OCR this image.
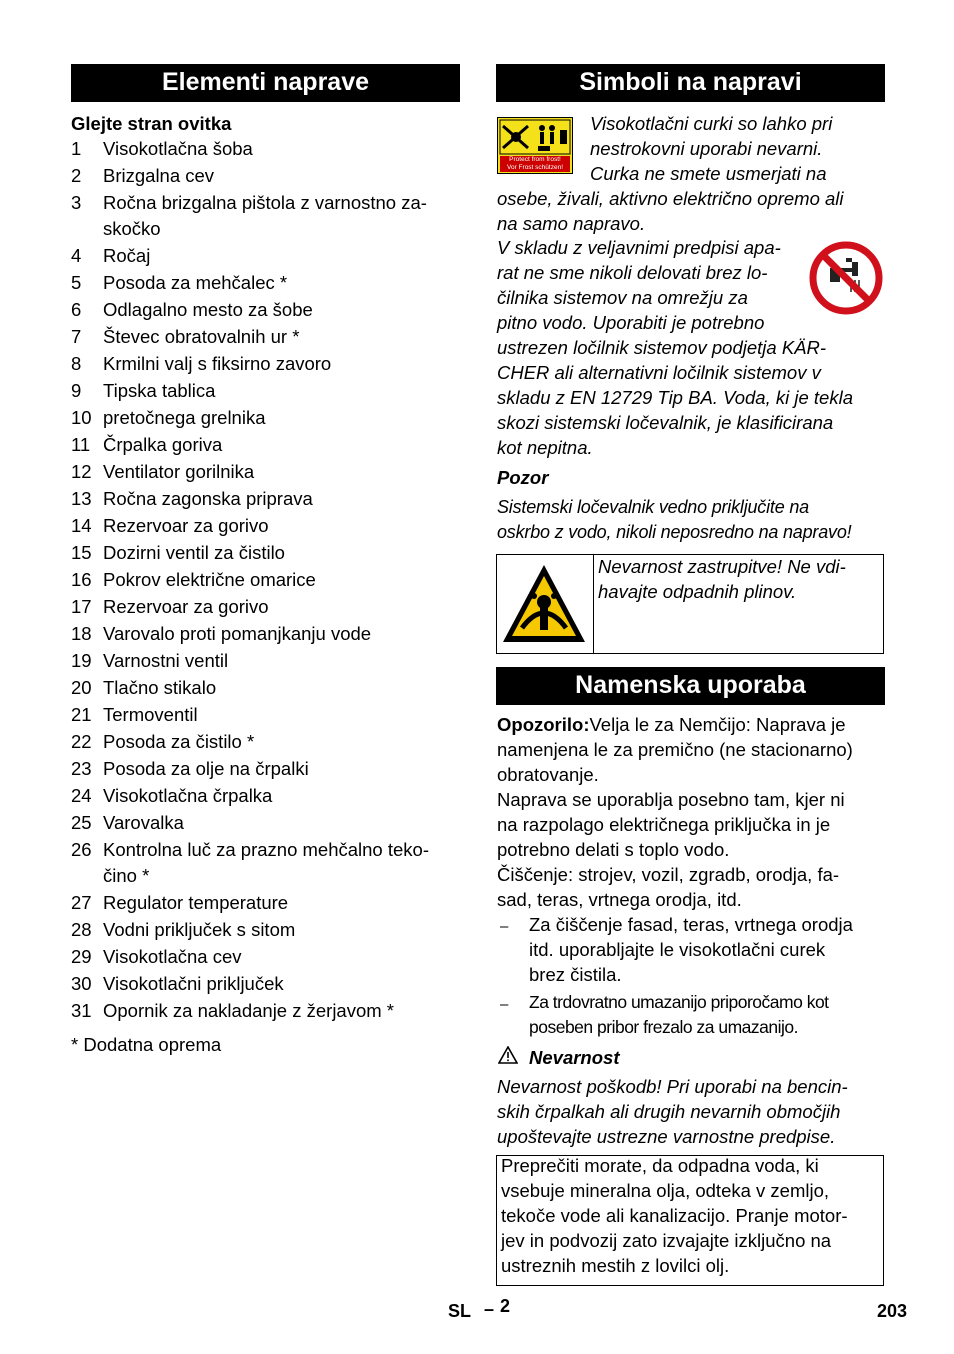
Elementi naprave
Glejte stran ovitka
1 Visokotlačna šoba
2 Brizgalna cev
3 Ročna brizgalna pištola z varnostno za-
skočko
4 Ročaj
5 Posoda za mehčalec *
6 Odlagalno mesto za šobe
7 Števec obratovalnih ur *
8 Krmilni valj s fiksirno zavoro
9 Tipska tablica
10 pretočnega grelnika
11 Črpalka goriva
12 Ventilator gorilnika
13 Ročna zagonska priprava
14 Rezervoar za gorivo
15 Dozirni ventil za čistilo
16 Pokrov električne omarice
17 Rezervoar za gorivo
18 Varovalo proti pomanjkanju vode
19 Varnostni ventil
20 Tlačno stikalo
21 Termoventil
22 Posoda za čistilo *
23 Posoda za olje na črpalki
24 Visokotlačna črpalka
25 Varovalka
26 Kontrolna luč za prazno mehčalno teko-
čino *
27 Regulator temperature
28 Vodni priključek s sitom
29 Visokotlačna cev
30 Visokotlačni priključek
31 Opornik za nakladanje z žerjavom *
* Dodatna oprema
Simboli na napravi
Protect from frost!
Vor Frost schützen!
Visokotlačni curki so lahko pri
nestrokovni uporabi nevarni.
Curka ne smete usmerjati na
osebe, živali, aktivno električno opremo ali
na samo napravo.
V skladu z veljavnimi predpisi apa-
rat ne sme nikoli delovati brez lo-
čilnika sistemov na omrežju za
pitno vodo. Uporabiti je potrebno
ustrezen ločilnik sistemov podjetja KÄR-
CHER ali alternativni ločilnik sistemov v
skladu z EN 12729 Tip BA. Voda, ki je tekla
skozi sistemski ločevalnik, je klasificirana
kot nepitna.
Pozor
Sistemski ločevalnik vedno priključite na
oskrbo z vodo, nikoli neposredno na napravo!
Nevarnost zastrupitve! Ne vdi-
havajte odpadnih plinov.
Namenska uporaba
Opozorilo:Velja le za Nemčijo: Naprava je
namenjena le za premično (ne stacionarno)
obratovanje.
Naprava se uporablja posebno tam, kjer ni
na razpolago električnega priključka in je
potrebno delati s toplo vodo.
Čiščenje: strojev, vozil, zgradb, orodja, fa-
sad, teras, vrtnega orodja, itd.
– Za čiščenje fasad, teras, vrtnega orodja
itd. uporabljajte le visokotlačni curek
brez čistila.
– Za trdovratno umazanijo priporočamo kot
poseben pribor frezalo za umazanijo.
Nevarnost
Nevarnost poškodb! Pri uporabi na bencin-
skih črpalkah ali drugih nevarnih območjih
upoštevajte ustrezne varnostne predpise.
Preprečiti morate, da odpadna voda, ki
vsebuje mineralna olja, odteka v zemljo,
tekoče vode ali kanalizacijo. Pranje motor-
jev in podvozij zato izvajajte izključno na
ustreznih mestih z lovilci olj.
SL – 2	203
